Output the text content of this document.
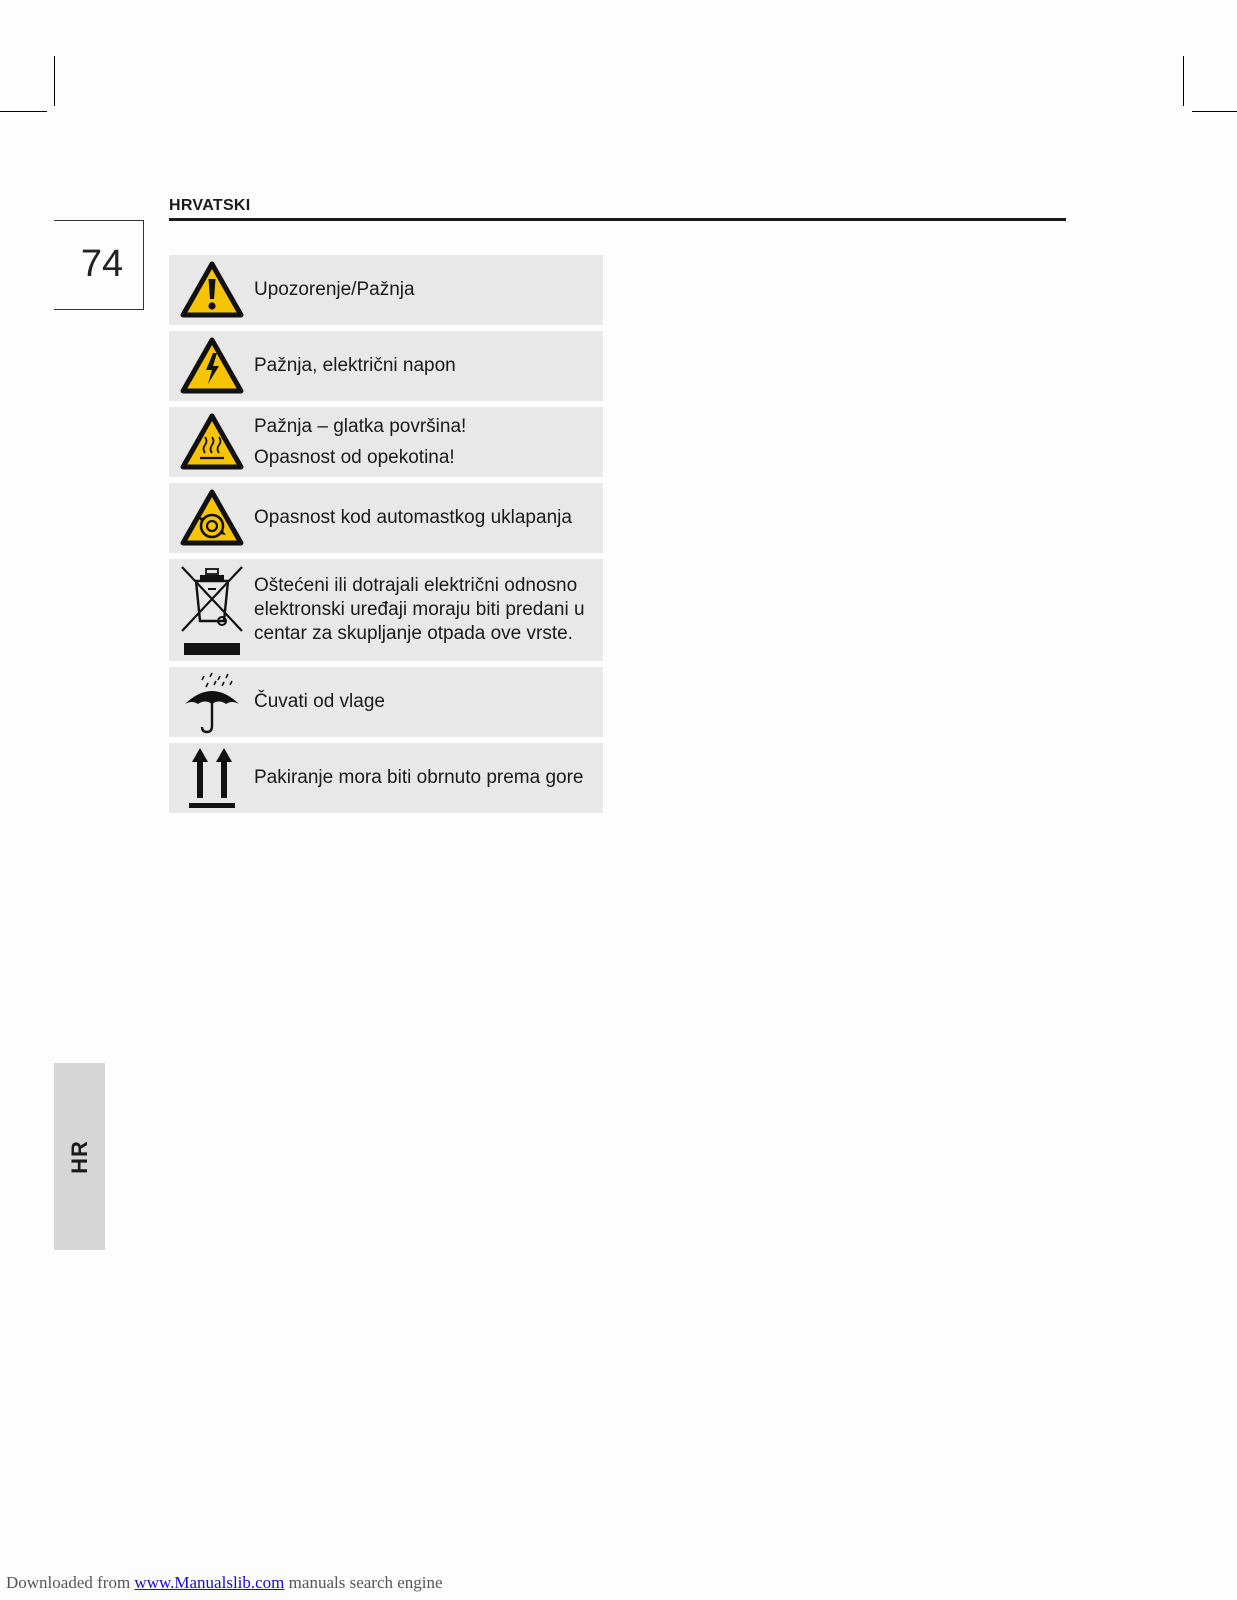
HRVATSKI
74
Upozorenje/Pažnja
Pažnja, električni napon
Pažnja – glatka površina!
Opasnost od opekotina!
Opasnost kod automastkog uklapanja
Oštećeni ili dotrajali električni odnosno
elektronski uređaji moraju biti predani u
centar za skupljanje otpada ove vrste.
Čuvati od vlage
Pakiranje mora biti obrnuto prema gore
HR
Downloaded from www.Manualslib.com manuals search engine
